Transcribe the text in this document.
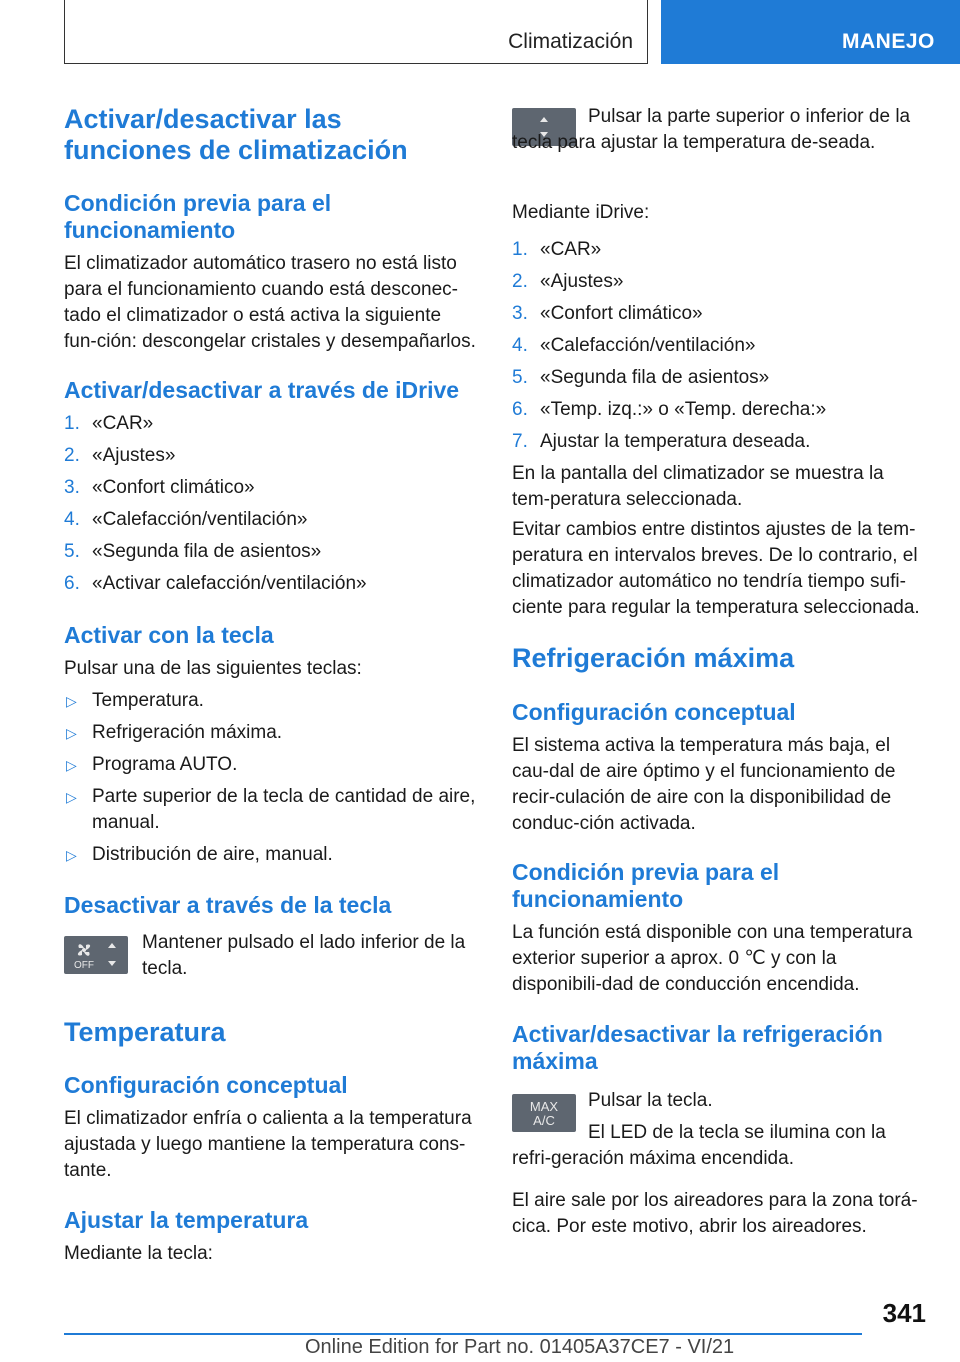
Climatización	MANEJO
Activar/desactivar las funciones de climatización
Condición previa para el funcionamiento

El climatizador automático trasero no está listo para el funcionamiento cuando está desconec‐tado el climatizador o está activa la siguiente fun‐ción: descongelar cristales y desempañarlos.

Activar/desactivar a través de iDrive
1. «CAR»
2. «Ajustes»
3. «Confort climático»
4. «Calefacción/ventilación»
5. «Segunda fila de asientos»
6. «Activar calefacción/ventilación»
Activar con la tecla

Pulsar una de las siguientes teclas:

▷ Temperatura.
▷ Refrigeración máxima.
▷ Programa AUTO.
▷ Parte superior de la tecla de cantidad de aire, manual.
▷ Distribución de aire, manual.
Desactivar a través de la tecla
OFF

Mantener pulsado el lado inferior de la tecla.

Temperatura
Configuración conceptual

El climatizador enfría o calienta a la temperatura ajustada y luego mantiene la temperatura cons‐tante.

Ajustar la temperatura

Mediante la tecla:

Pulsar la parte superior o inferior de la tecla para ajustar la temperatura de‐seada.

Mediante iDrive:

1. «CAR»
2. «Ajustes»
3. «Confort climático»
4. «Calefacción/ventilación»
5. «Segunda fila de asientos»
6. «Temp. izq.:» o «Temp. derecha:»
7. Ajustar la temperatura deseada.

En la pantalla del climatizador se muestra la tem‐peratura seleccionada.

Evitar cambios entre distintos ajustes de la tem‐peratura en intervalos breves. De lo contrario, el climatizador automático no tendría tiempo sufi‐ciente para regular la temperatura seleccionada.

Refrigeración máxima
Configuración conceptual

El sistema activa la temperatura más baja, el cau‐dal de aire óptimo y el funcionamiento de recir‐culación de aire con la disponibilidad de conduc‐ción activada.

Condición previa para el funcionamiento

La función está disponible con una temperatura exterior superior a aprox. 0 ℃ y con la disponibili‐dad de conducción encendida.

Activar/desactivar la refrigeración máxima
MAX
A/C

Pulsar la tecla.

El LED de la tecla se ilumina con la refri‐geración máxima encendida.

El aire sale por los aireadores para la zona torá‐cica. Por este motivo, abrir los aireadores.

341
Online Edition for Part no. 01405A37CE7 - VI/21
